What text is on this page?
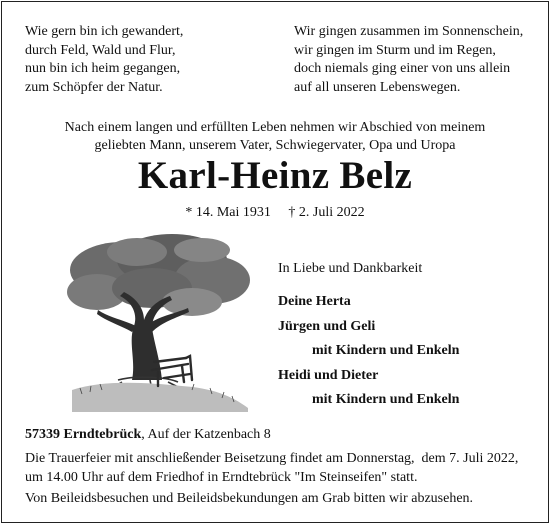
Wie gern bin ich gewandert,
durch Feld, Wald und Flur,
nun bin ich heim gegangen,
zum Schöpfer der Natur.
Wir gingen zusammen im Sonnenschein,
wir gingen im Sturm und im Regen,
doch niemals ging einer von uns allein
auf all unseren Lebenswegen.
Nach einem langen und erfüllten Leben nehmen wir Abschied von meinem
geliebten Mann, unserem Vater, Schwiegervater, Opa und Uropa
Karl-Heinz Belz
* 14. Mai 1931 † 2. Juli 2022
In Liebe und Dankbarkeit
Deine Herta
Jürgen und Geli
mit Kindern und Enkeln
Heidi und Dieter
mit Kindern und Enkeln
57339 Erndtebrück, Auf der Katzenbach 8
Die Trauerfeier mit anschließender Beisetzung findet am Donnerstag,  dem 7. Juli 2022,
um 14.00 Uhr auf dem Friedhof in Erndtebrück "Im Steinseifen" statt.
Von Beileidsbesuchen und Beileidsbekundungen am Grab bitten wir abzusehen.
